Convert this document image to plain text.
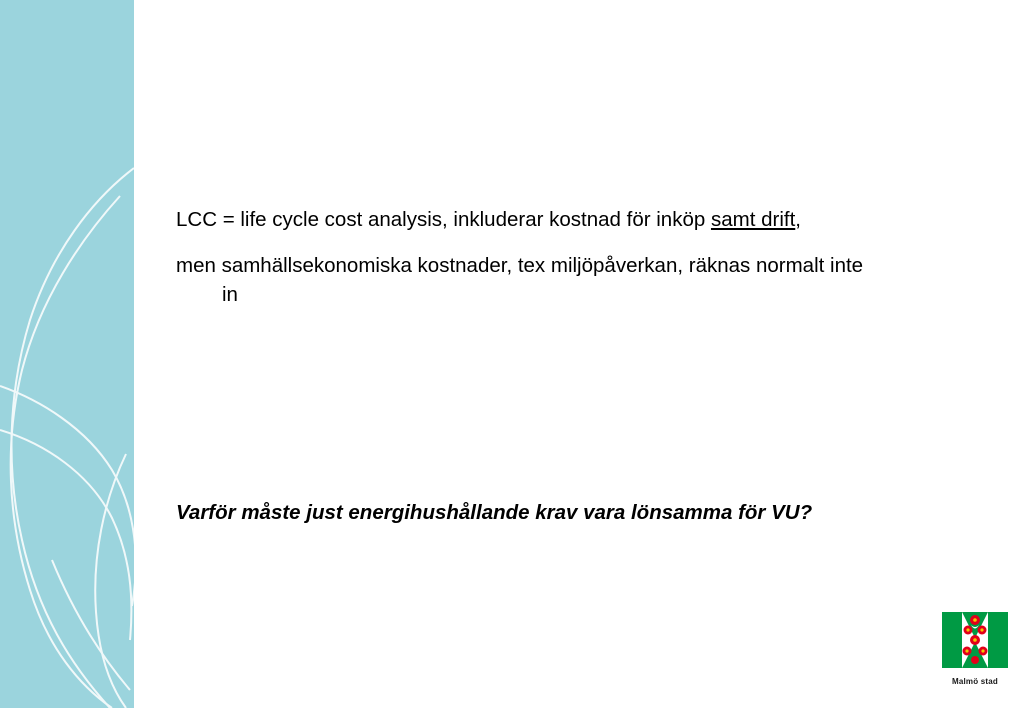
LCC = life cycle cost analysis, inkluderar kostnad för inköp samt drift,

men samhällsekonomiska kostnader, tex miljöpåverkan, räknas normalt inte in

Varför måste just energihushållande krav vara lönsamma för VU?
Malmö stad
